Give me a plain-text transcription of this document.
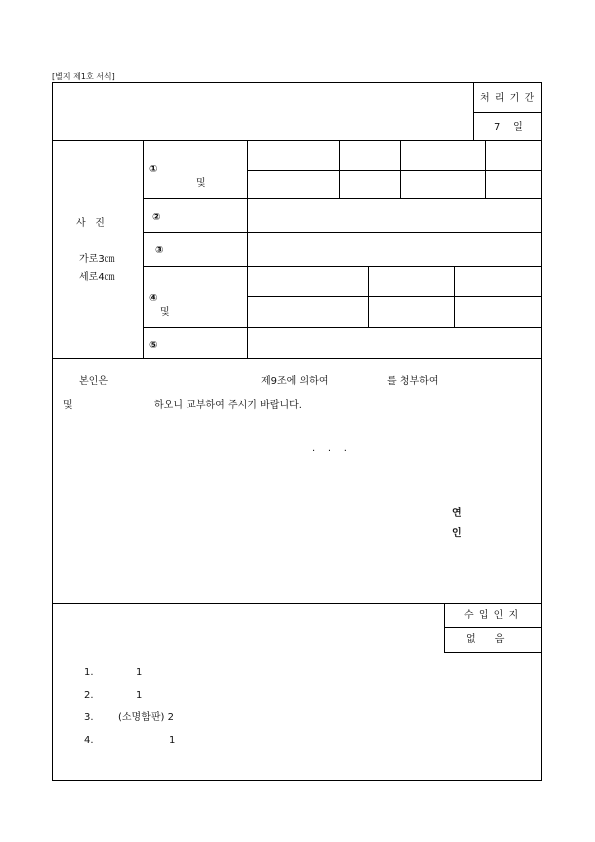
[별지 제1호 서식]
처 리 기 간
7    일
사   진
가로3㎝
세로4㎝
①
및
②
③
④
및
⑤
본인은	제9조에 의하여	를 청부하여
및	하오니 교부하여 주시기 바랍니다.
.    .    .
연
인
수 입 인 지
없      음
1.	1
2.	1
3. (소명함판) 2
4.	1
